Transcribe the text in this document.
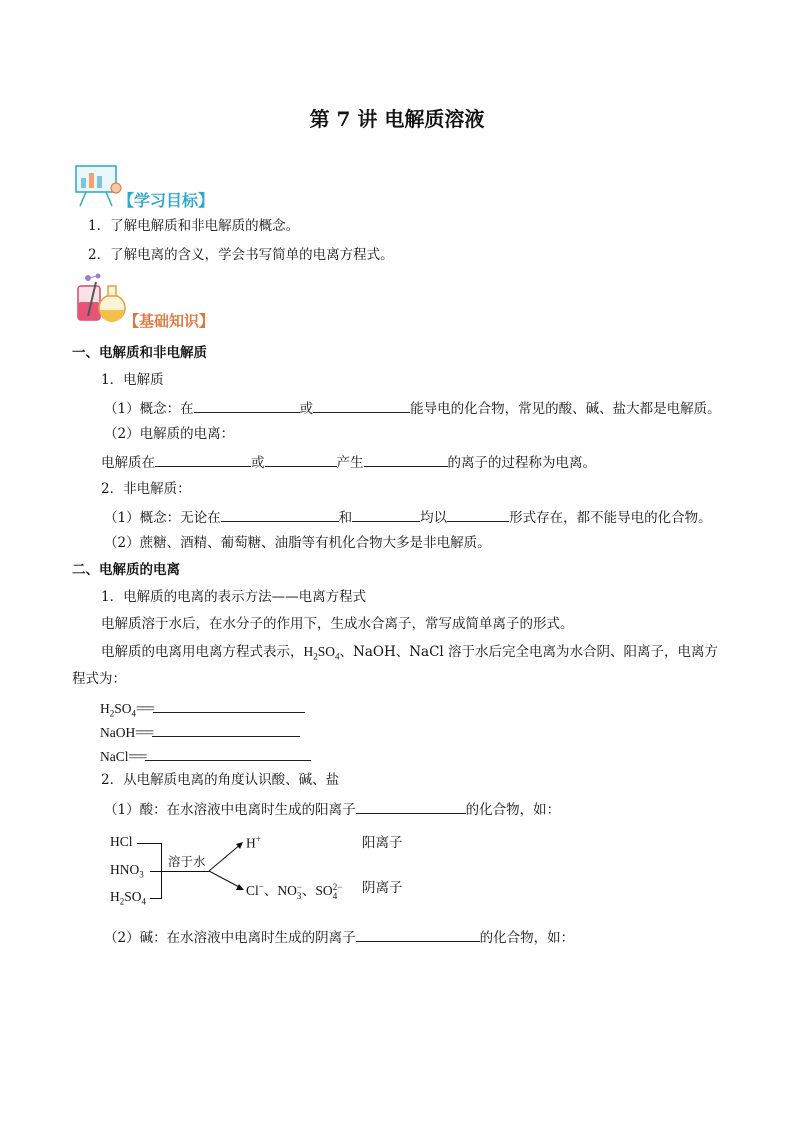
第 7 讲 电解质溶液
【学习目标】
1．了解电解质和非电解质的概念。
2．了解电离的含义，学会书写简单的电离方程式。
【基础知识】
一、电解质和非电解质
1．电解质
（1）概念：在	或	能导电的化合物，常见的酸、碱、盐大都是电解质。
（2）电解质的电离：
电解质在	或	产生	的离子的过程称为电离。
2．非电解质：
（1）概念：无论在	和	均以	形式存在，都不能导电的化合物。
（2）蔗糖、酒精、葡萄糖、油脂等有机化合物大多是非电解质。
二、电解质的电离
1．电解质的电离的表示方法——电离方程式
电解质溶于水后，在水分子的作用下，生成水合离子，常写成简单离子的形式。
电解质的电离用电离方程式表示，$H_2SO_4$、NaOH、NaCl 溶于水后完全电离为水合阴、阳离子，电离方
程式为：
$H_2SO_4===$
NaOH===
NaCl===
2．从电解质电离的角度认识酸、碱、盐
（1）酸：在水溶液中电离时生成的阳离子	的化合物，如：
HCl
$HNO_3$
$H_2SO_4$
溶于水
H+
Cl−、NO −
3 、SO 2−
4
阳离子
阴离子
（2）碱：在水溶液中电离时生成的阴离子	的化合物，如：
